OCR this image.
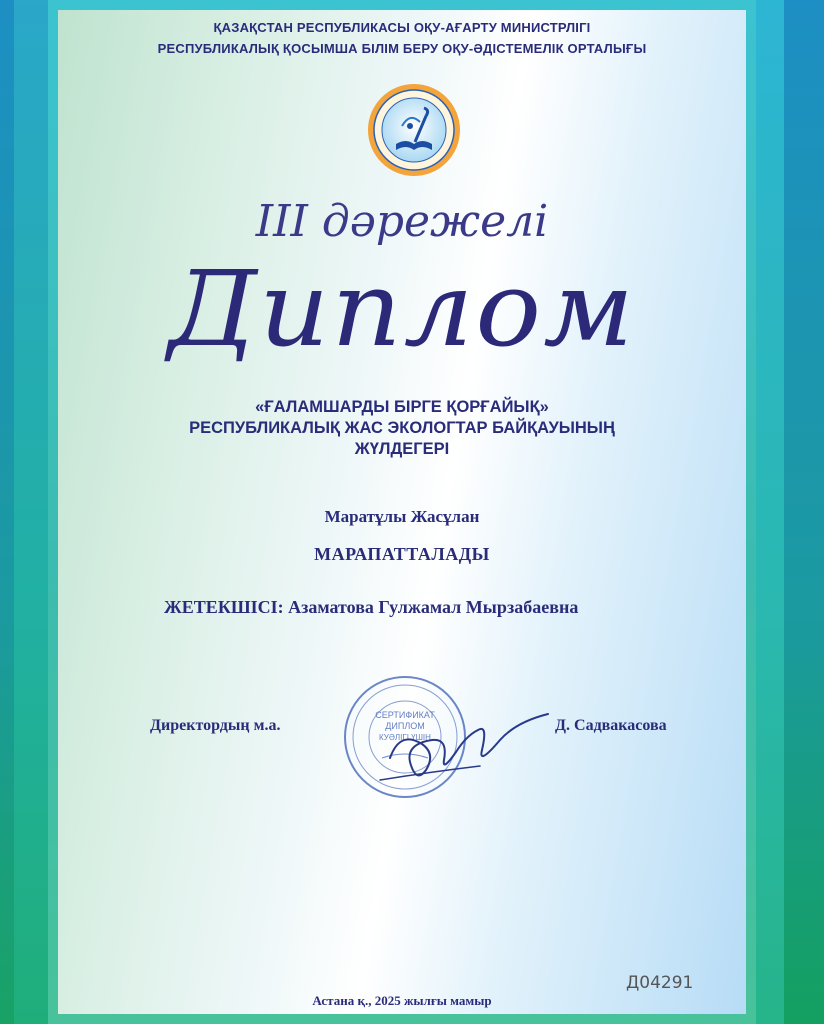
ҚАЗАҚСТАН РЕСПУБЛИКАСЫ ОҚУ-АҒАРТУ МИНИСТРЛІГІ
РЕСПУБЛИКАЛЫҚ ҚОСЫМША БІЛІМ БЕРУ ОҚУ-ӘДІСТЕМЕЛІК ОРТАЛЫҒЫ
III дәрежелі
Диплом
«ҒАЛАМШАРДЫ БІРГЕ ҚОРҒАЙЫҚ»
РЕСПУБЛИКАЛЫҚ ЖАС ЭКОЛОГТАР БАЙҚАУЫНЫҢ
ЖҮЛДЕГЕРІ
Маратұлы Жасұлан
МАРАПАТТАЛАДЫ
ЖЕТЕКШІСІ: Азаматова Гулжамал Мырзабаевна
Директордың м.а.	Д. Садвакасова
СЕРТИФИКАТ
ДИПЛОМ
КУӘЛІГІ ҮШІН
Д04291
Астана қ., 2025 жылғы мамыр
